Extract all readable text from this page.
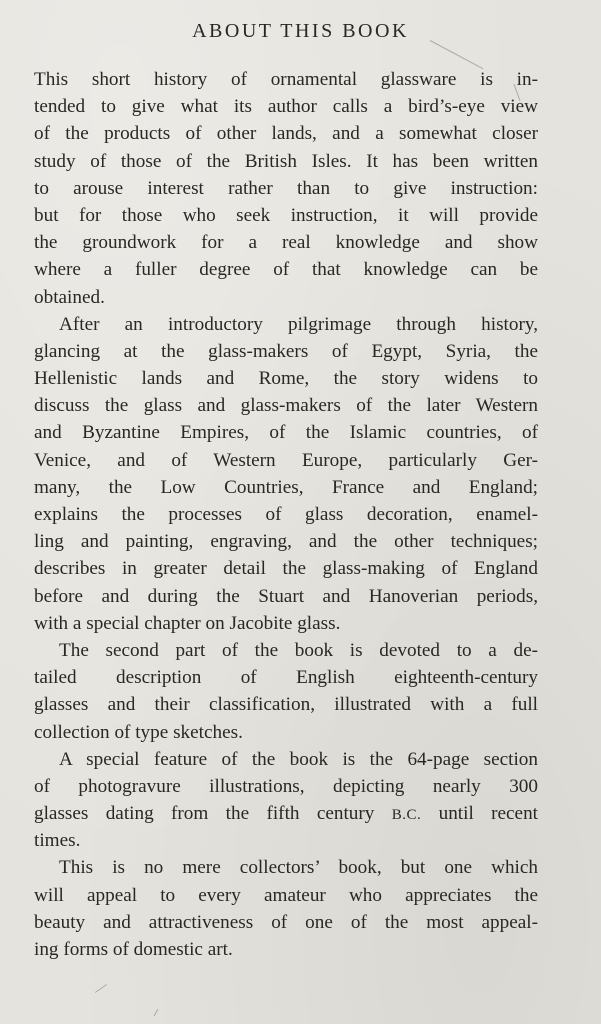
ABOUT THIS BOOK
This short history of ornamental glassware is in-
tended to give what its author calls a bird’s-eye view
of the products of other lands, and a somewhat closer
study of those of the British Isles. It has been written
to arouse interest rather than to give instruction:
but for those who seek instruction, it will provide
the groundwork for a real knowledge and show
where a fuller degree of that knowledge can be
obtained.
After an introductory pilgrimage through history,
glancing at the glass-makers of Egypt, Syria, the
Hellenistic lands and Rome, the story widens to
discuss the glass and glass-makers of the later Western
and Byzantine Empires, of the Islamic countries, of
Venice, and of Western Europe, particularly Ger-
many, the Low Countries, France and England;
explains the processes of glass decoration, enamel-
ling and painting, engraving, and the other techniques;
describes in greater detail the glass-making of England
before and during the Stuart and Hanoverian periods,
with a special chapter on Jacobite glass.
The second part of the book is devoted to a de-
tailed description of English eighteenth-century
glasses and their classification, illustrated with a full
collection of type sketches.
A special feature of the book is the 64-page section
of photogravure illustrations, depicting nearly 300
glasses dating from the fifth century B.C. until recent
times.
This is no mere collectors’ book, but one which
will appeal to every amateur who appreciates the
beauty and attractiveness of one of the most appeal-
ing forms of domestic art.
